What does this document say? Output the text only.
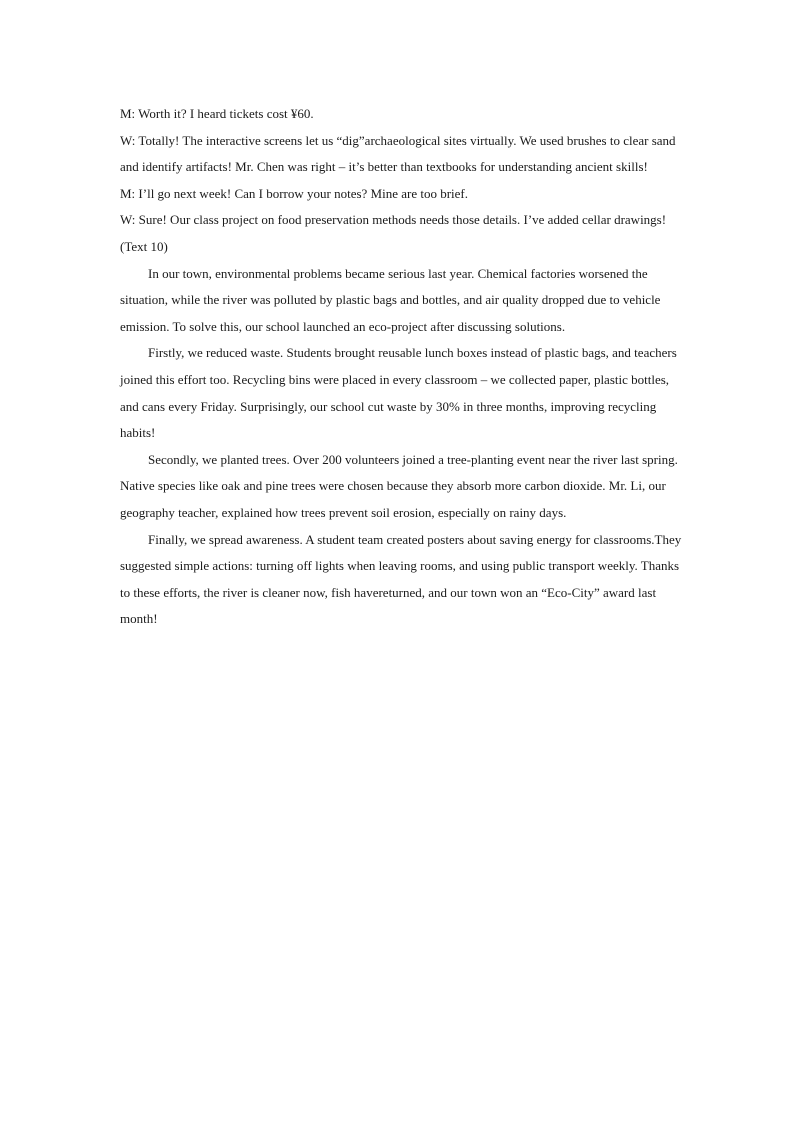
M: Worth it? I heard tickets cost ¥60.

W: Totally! The interactive screens let us “dig”archaeological sites virtually. We used brushes to clear sand and identify artifacts! Mr. Chen was right – it’s better than textbooks for understanding ancient skills!

M: I’ll go next week! Can I borrow your notes? Mine are too brief.

W: Sure! Our class project on food preservation methods needs those details. I’ve added cellar drawings!

(Text 10)

In our town, environmental problems became serious last year. Chemical factories worsened the situation, while the river was polluted by plastic bags and bottles, and air quality dropped due to vehicle emission. To solve this, our school launched an eco-project after discussing solutions.

Firstly, we reduced waste. Students brought reusable lunch boxes instead of plastic bags, and teachers joined this effort too. Recycling bins were placed in every classroom – we collected paper, plastic bottles, and cans every Friday. Surprisingly, our school cut waste by 30% in three months, improving recycling habits!

Secondly, we planted trees. Over 200 volunteers joined a tree-planting event near the river last spring. Native species like oak and pine trees were chosen because they absorb more carbon dioxide. Mr. Li, our geography teacher, explained how trees prevent soil erosion, especially on rainy days.

Finally, we spread awareness. A student team created posters about saving energy for classrooms.They suggested simple actions: turning off lights when leaving rooms, and using public transport weekly. Thanks to these efforts, the river is cleaner now, fish havereturned, and our town won an “Eco-City” award last month!
